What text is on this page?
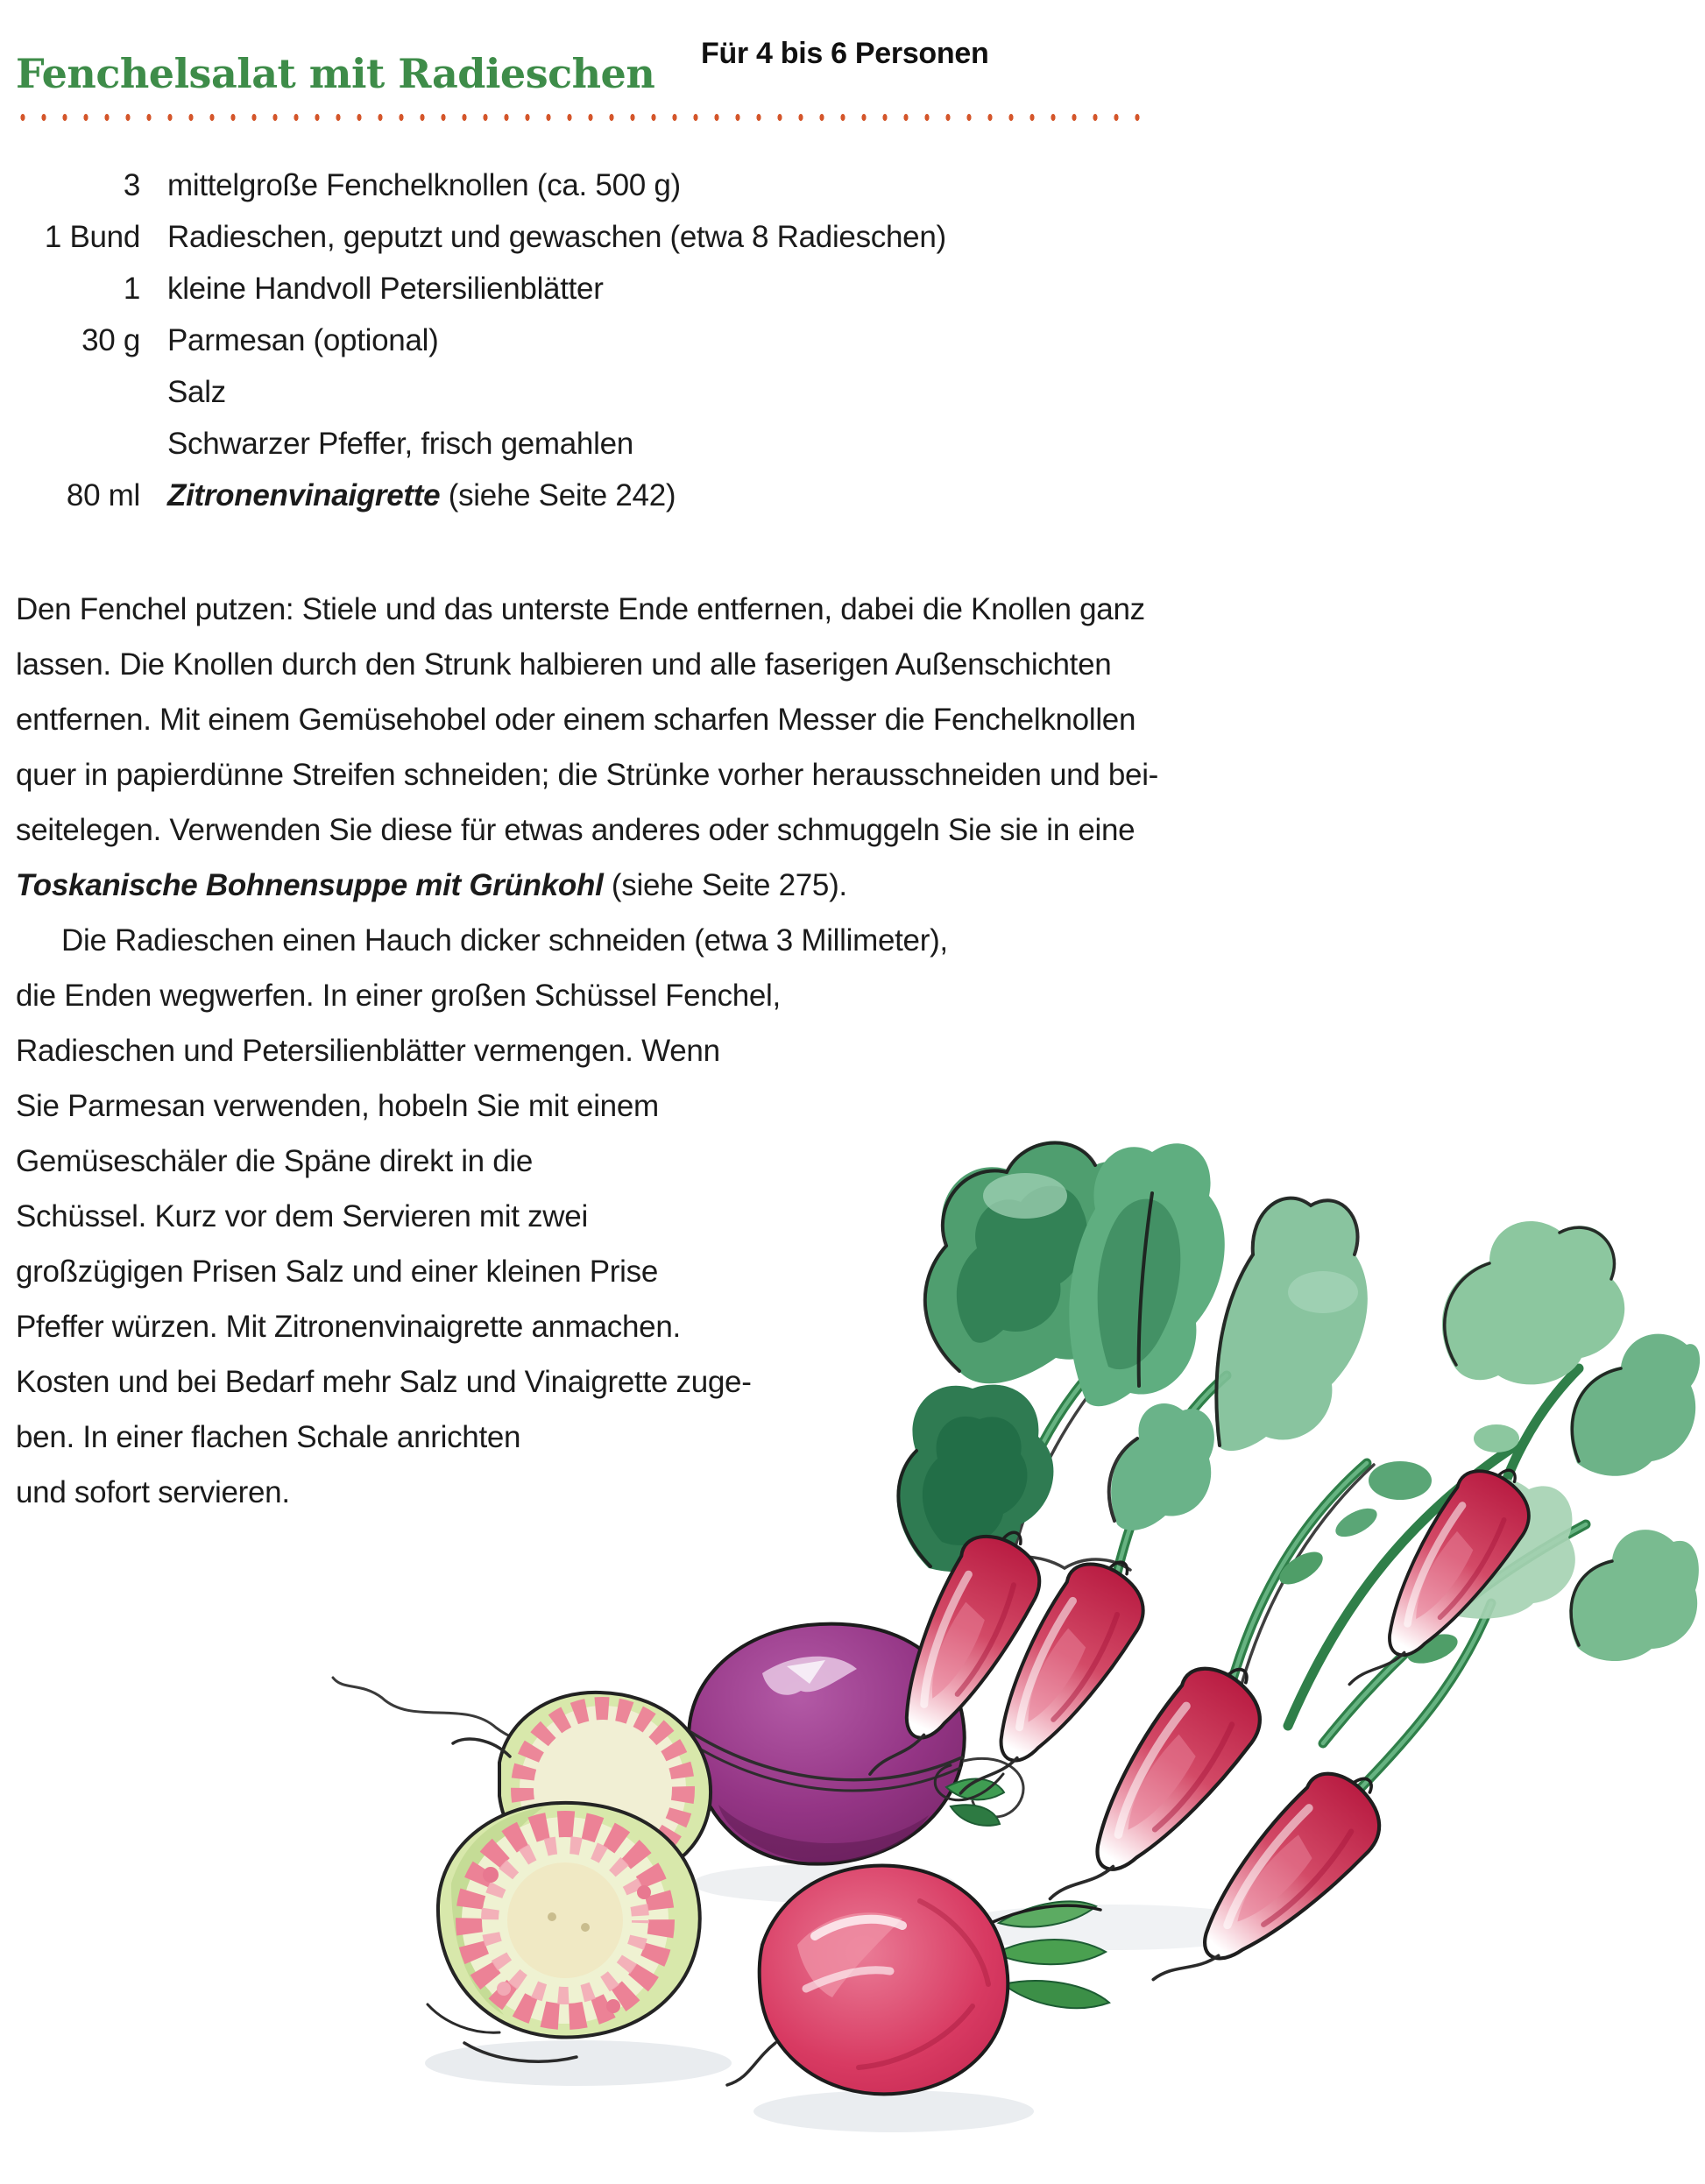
Fenchelsalat mit Radieschen Für 4 bis 6 Personen
3 mittelgroße Fenchelknollen (ca. 500 g)
1 Bund Radieschen, geputzt und gewaschen (etwa 8 Radieschen)
1 kleine Handvoll Petersilienblätter
30 g Parmesan (optional)
Salz
Schwarzer Pfeffer, frisch gemahlen
80 ml Zitronenvinaigrette (siehe Seite 242)
Den Fenchel putzen: Stiele und das unterste Ende entfernen, dabei die Knollen ganz
lassen. Die Knollen durch den Strunk halbieren und alle faserigen Außenschichten
entfernen. Mit einem Gemüsehobel oder einem scharfen Messer die Fenchelknollen
quer in papierdünne Streifen schneiden; die Strünke vorher herausschneiden und bei-
seitelegen. Verwenden Sie diese für etwas anderes oder schmuggeln Sie sie in eine
Toskanische Bohnensuppe mit Grünkohl (siehe Seite 275).
Die Radieschen einen Hauch dicker schneiden (etwa 3 Millimeter),
die Enden wegwerfen. In einer großen Schüssel Fenchel,
Radieschen und Petersilienblätter vermengen. Wenn
Sie Parmesan verwenden, hobeln Sie mit einem
Gemüseschäler die Späne direkt in die
Schüssel. Kurz vor dem Servieren mit zwei
großzügigen Prisen Salz und einer kleinen Prise
Pfeffer würzen. Mit Zitronenvinaigrette anmachen.
Kosten und bei Bedarf mehr Salz und Vinaigrette zuge-
ben. In einer flachen Schale anrichten
und sofort servieren.
